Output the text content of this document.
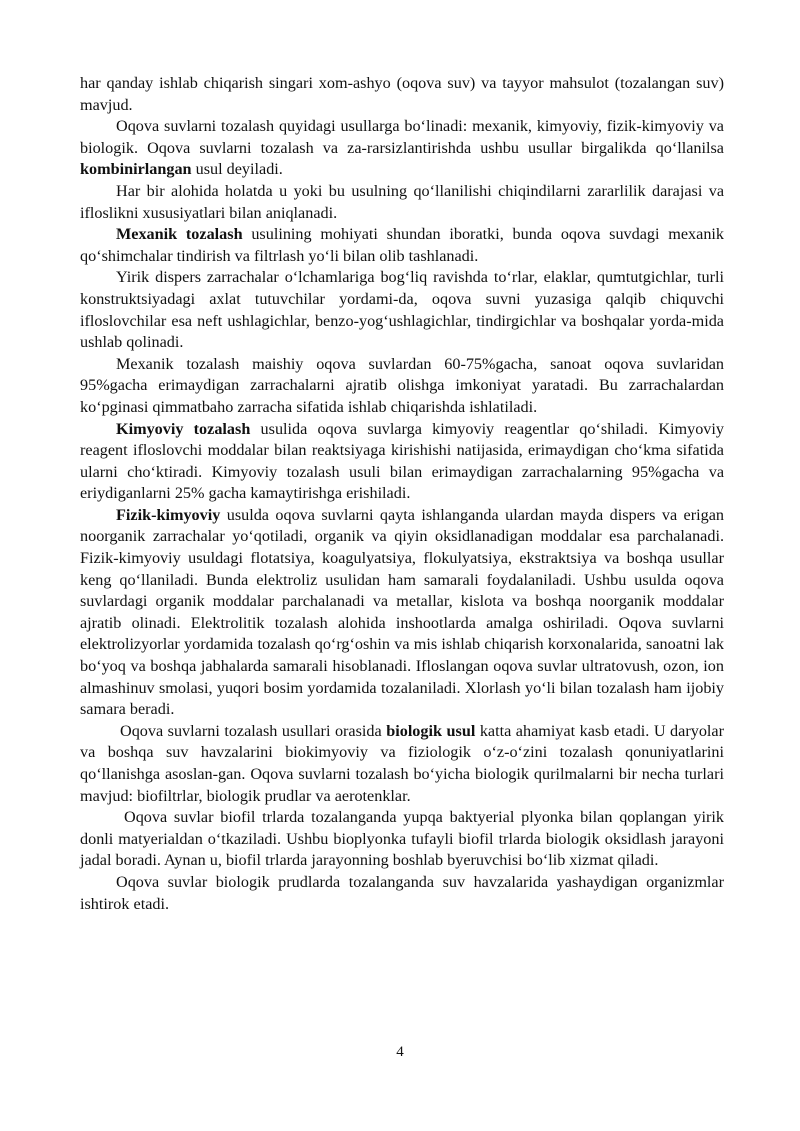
har qanday ishlab chiqarish singari xom-ashyo (oqova suv) va tayyor mahsulot (tozalangan suv) mavjud.

Oqova suvlarni tozalash quyidagi usullarga bo‘linadi: mexanik, kimyoviy, fizik-kimyoviy va biologik. Oqova suvlarni tozalash va za-rarsizlantirishda ushbu usullar birgalikda qo‘llanilsa kombinirlangan usul deyiladi.

Har bir alohida holatda u yoki bu usulning qo‘llanilishi chiqindilarni zararlilik darajasi va ifloslikni xususiyatlari bilan aniqlanadi.

Mexanik tozalash usulining mohiyati shundan iboratki, bunda oqova suvdagi mexanik qo‘shimchalar tindirish va filtrlash yo‘li bilan olib tashlanadi.

Yirik dispers zarrachalar o‘lchamlariga bog‘liq ravishda to‘rlar, elaklar, qumtutgichlar, turli konstruktsiyadagi axlat tutuvchilar yordami-da, oqova suvni yuzasiga qalqib chiquvchi ifloslovchilar esa neft ushlagichlar, benzo-yog‘ushlagichlar, tindirgichlar va boshqalar yorda-mida ushlab qolinadi.

Mexanik tozalash maishiy oqova suvlardan 60-75%gacha, sanoat oqova suvlaridan 95%gacha erimaydigan zarrachalarni ajratib olishga imkoniyat yaratadi. Bu zarrachalardan ko‘pginasi qimmatbaho zarracha sifatida ishlab chiqarishda ishlatiladi.

Kimyoviy tozalash usulida oqova suvlarga kimyoviy reagentlar qo‘shiladi. Kimyoviy reagent ifloslovchi moddalar bilan reaktsiyaga kirishishi natijasida, erimaydigan cho‘kma sifatida ularni cho‘ktiradi. Kimyoviy tozalash usuli bilan erimaydigan zarrachalarning 95%gacha va eriydiganlarni 25% gacha kamaytirishga erishiladi.

Fizik-kimyoviy usulda oqova suvlarni qayta ishlanganda ulardan mayda dispers va erigan noorganik zarrachalar yo‘qotiladi, organik va qiyin oksidlanadigan moddalar esa parchalanadi. Fizik-kimyoviy usuldagi flotatsiya, koagulyatsiya, flokulyatsiya, ekstraktsiya va boshqa usullar keng qo‘llaniladi. Bunda elektroliz usulidan ham samarali foydalaniladi. Ushbu usulda oqova suvlardagi organik moddalar parchalanadi va metallar, kislota va boshqa noorganik moddalar ajratib olinadi. Elektrolitik tozalash alohida inshootlarda amalga oshiriladi. Oqova suvlarni elektrolizyorlar yordamida tozalash qo‘rg‘oshin va mis ishlab chiqarish korxonalarida, sanoatni lak bo‘yoq va boshqa jabhalarda samarali hisoblanadi. Ifloslangan oqova suvlar ultratovush, ozon, ion almashinuv smolasi, yuqori bosim yordamida tozalaniladi. Xlorlash yo‘li bilan tozalash ham ijobiy samara beradi.

Oqova suvlarni tozalash usullari orasida biologik usul katta ahamiyat kasb etadi. U daryolar va boshqa suv havzalarini biokimyoviy va fiziologik o‘z-o‘zini tozalash qonuniyatlarini qo‘llanishga asoslan-gan. Oqova suvlarni tozalash bo‘yicha biologik qurilmalarni bir necha turlari mavjud: biofiltrlar, biologik prudlar va aerotenklar.

Oqova suvlar biofil trlarda tozalanganda yupqa baktyerial plyonka bilan qoplangan yirik donli matyerialdan o‘tkaziladi. Ushbu bioplyonka tufayli biofil trlarda biologik oksidlash jarayoni jadal boradi. Aynan u, biofil trlarda jarayonning boshlab byeruvchisi bo‘lib xizmat qiladi.

Oqova suvlar biologik prudlarda tozalanganda suv havzalarida yashaydigan organizmlar ishtirok etadi.

4
